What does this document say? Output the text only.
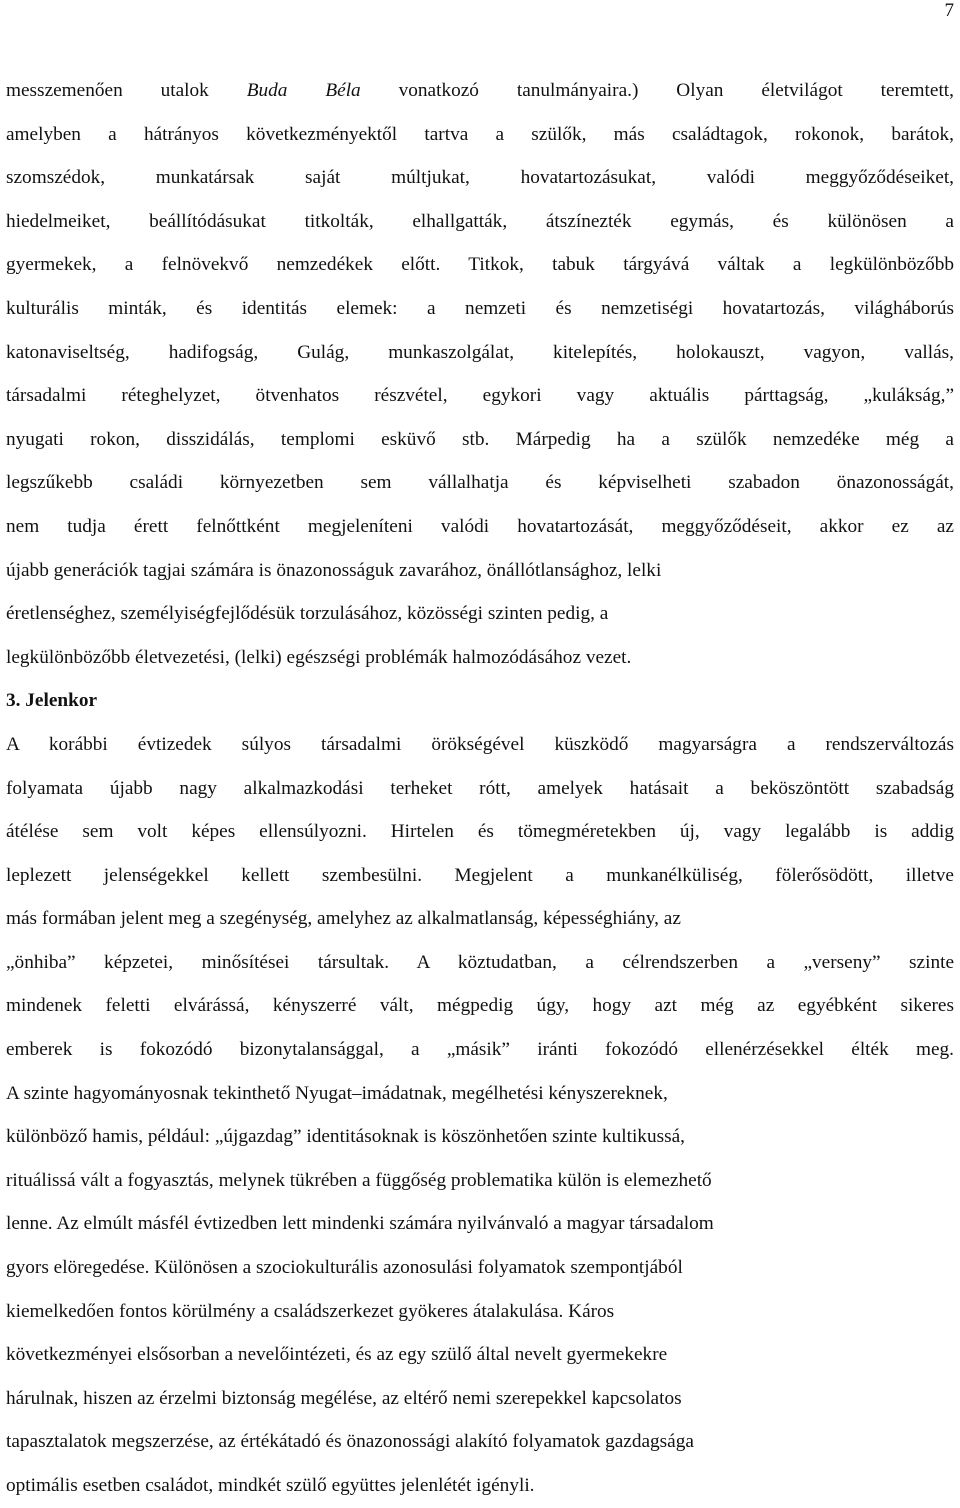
7
messzemenően utalok Buda Béla vonatkozó tanulmányaira.) Olyan életvilágot teremtett,
amelyben a hátrányos következményektől tartva a szülők, más családtagok, rokonok, barátok,
szomszédok, munkatársak saját múltjukat, hovatartozásukat, valódi meggyőződéseiket,
hiedelmeiket, beállítódásukat titkolták, elhallgatták, átszínezték egymás, és különösen a
gyermekek, a felnövekvő nemzedékek előtt. Titkok, tabuk tárgyává váltak a legkülönbözőbb
kulturális minták, és identitás elemek: a nemzeti és nemzetiségi hovatartozás, világháborús
katonaviseltség, hadifogság, Gulág, munkaszolgálat, kitelepítés, holokauszt, vagyon, vallás,
társadalmi réteghelyzet, ötvenhatos részvétel, egykori vagy aktuális párttagság, „kulákság,”
nyugati rokon, disszidálás, templomi esküvő stb. Márpedig ha a szülők nemzedéke még a
legszűkebb családi környezetben sem vállalhatja és képviselheti szabadon önazonosságát,
nem tudja érett felnőttként megjeleníteni valódi hovatartozását, meggyőződéseit, akkor ez az
újabb generációk tagjai számára is önazonosságuk zavarához, önállótlansághoz, lelki
éretlenséghez, személyiségfejlődésük torzulásához, közösségi szinten pedig, a
legkülönbözőbb életvezetési, (lelki) egészségi problémák halmozódásához vezet.
3. Jelenkor
A korábbi évtizedek súlyos társadalmi örökségével küszködő magyarságra a rendszerváltozás
folyamata újabb nagy alkalmazkodási terheket rótt, amelyek hatásait a beköszöntött szabadság
átélése sem volt képes ellensúlyozni. Hirtelen és tömegméretekben új, vagy legalább is addig
leplezett jelenségekkel kellett szembesülni. Megjelent a munkanélküliség, fölerősödött, illetve
más formában jelent meg a szegénység, amelyhez az alkalmatlanság, képességhiány, az
„önhiba” képzetei, minősítései társultak. A köztudatban, a célrendszerben a „verseny” szinte
mindenek feletti elvárássá, kényszerré vált, mégpedig úgy, hogy azt még az egyébként sikeres
emberek is fokozódó bizonytalansággal, a „másik” iránti fokozódó ellenérzésekkel élték meg.
A szinte hagyományosnak tekinthető Nyugat–imádatnak, megélhetési kényszereknek,
különböző hamis, például: „újgazdag” identitásoknak is köszönhetően szinte kultikussá,
rituálissá vált a fogyasztás, melynek tükrében a függőség problematika külön is elemezhető
lenne. Az elmúlt másfél évtizedben lett mindenki számára nyilvánvaló a magyar társadalom
gyors elöregedése. Különösen a szociokulturális azonosulási folyamatok szempontjából
kiemelkedően fontos körülmény a családszerkezet gyökeres átalakulása. Káros
következményei elsősorban a nevelőintézeti, és az egy szülő által nevelt gyermekekre
hárulnak, hiszen az érzelmi biztonság megélése, az eltérő nemi szerepekkel kapcsolatos
tapasztalatok megszerzése, az értékátadó és önazonossági alakító folyamatok gazdagsága
optimális esetben családot, mindkét szülő együttes jelenlétét igényli.
